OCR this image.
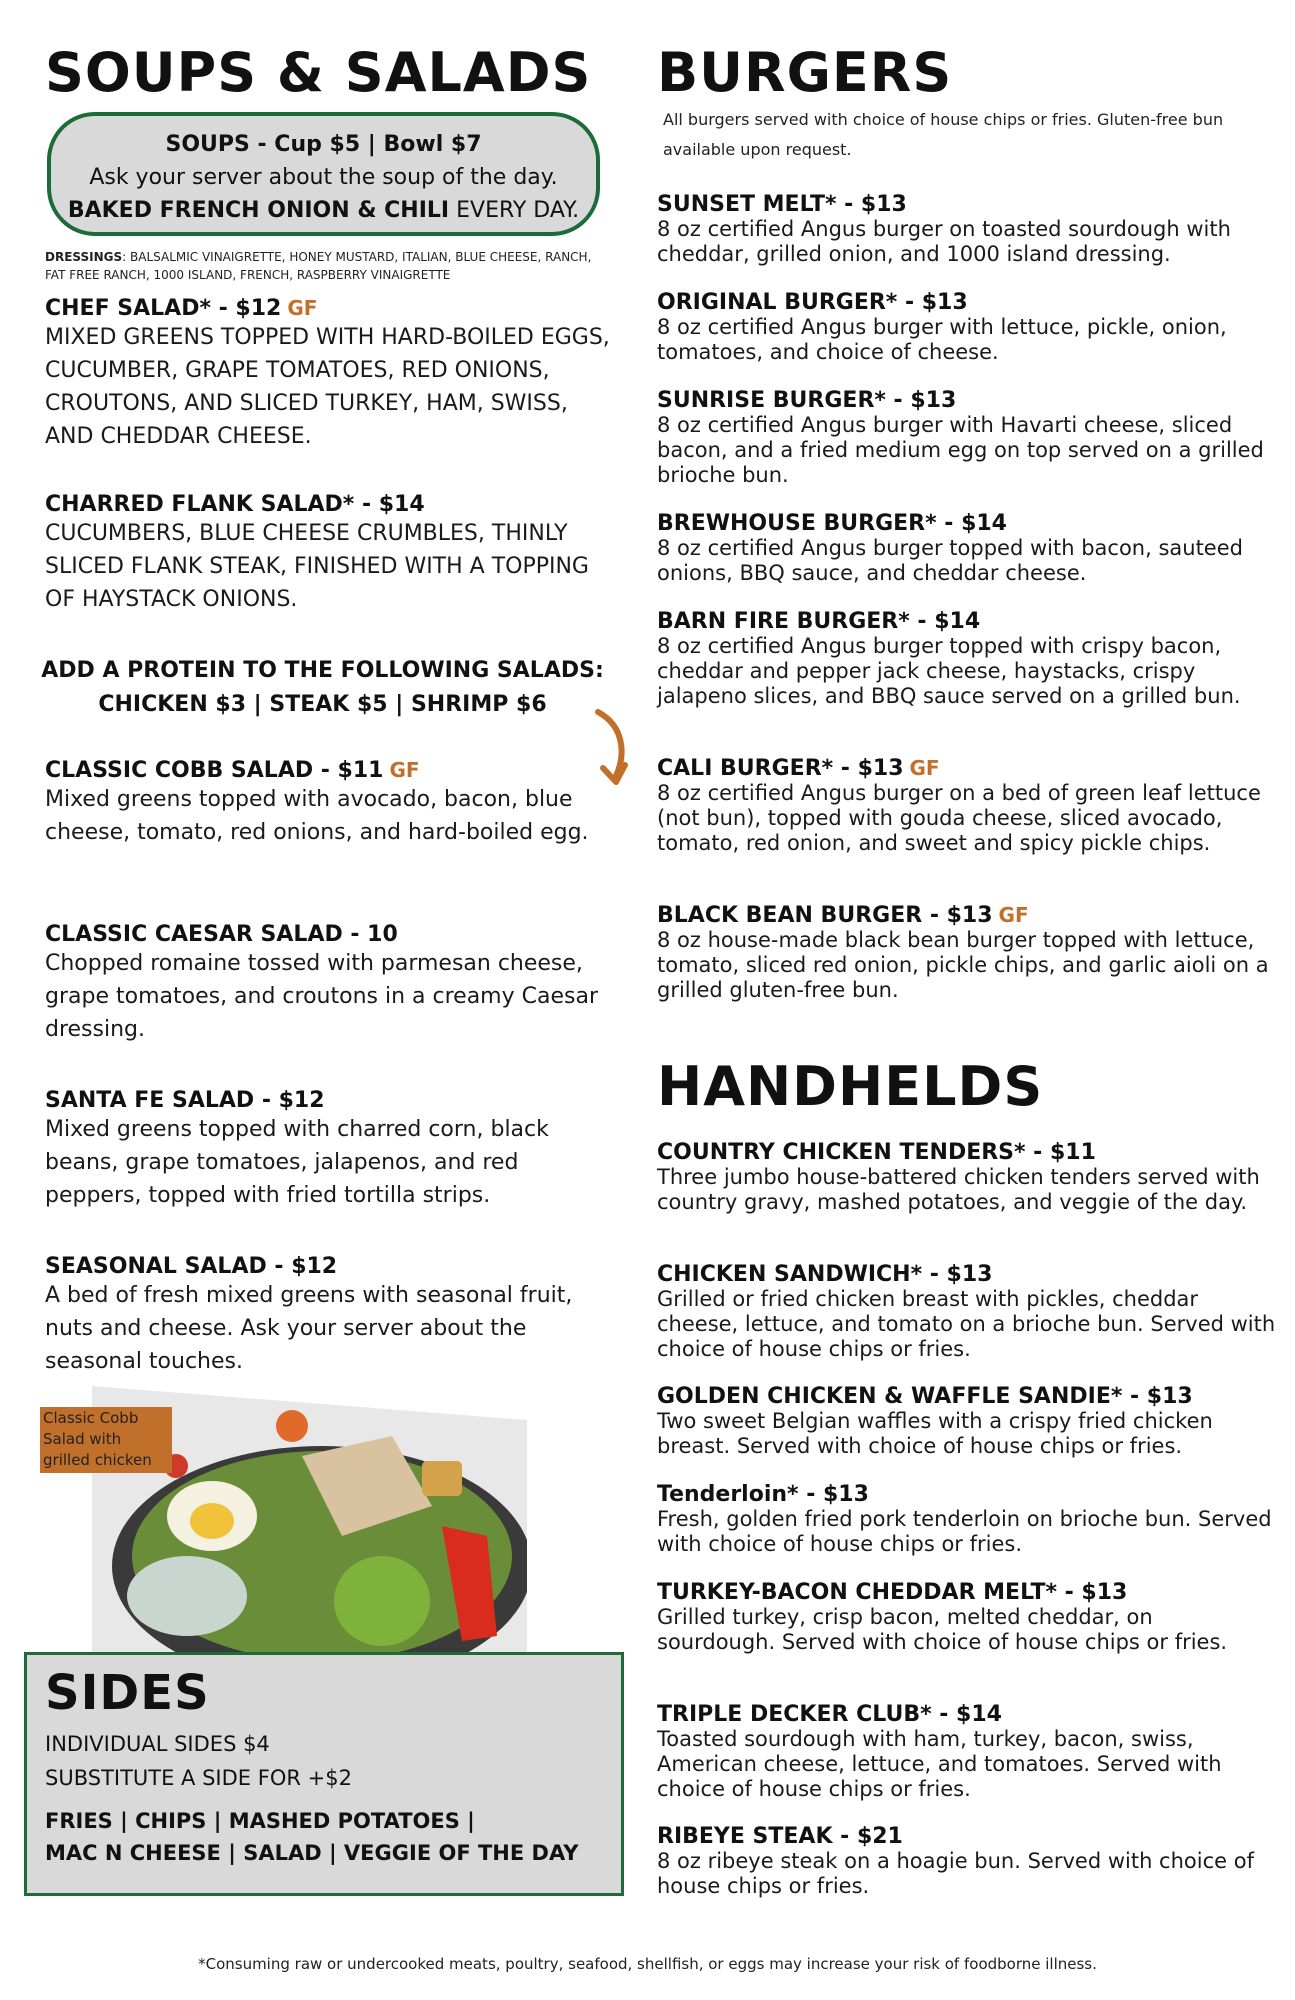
SOUPS & SALADS
SOUPS - Cup $5 | Bowl $7
Ask your server about the soup of the day.
BAKED FRENCH ONION & CHILI EVERY DAY.
DRESSINGS: BALSALMIC VINAIGRETTE, HONEY MUSTARD, ITALIAN, BLUE CHEESE, RANCH, FAT FREE RANCH, 1000 ISLAND, FRENCH, RASPBERRY VINAIGRETTE
CHEF SALAD* - $12 GF
MIXED GREENS TOPPED WITH HARD-BOILED EGGS, CUCUMBER, GRAPE TOMATOES, RED ONIONS, CROUTONS, AND SLICED TURKEY, HAM, SWISS, AND CHEDDAR CHEESE.
CHARRED FLANK SALAD* - $14
CUCUMBERS, BLUE CHEESE CRUMBLES, THINLY SLICED FLANK STEAK, FINISHED WITH A TOPPING OF HAYSTACK ONIONS.
ADD A PROTEIN TO THE FOLLOWING SALADS:
CHICKEN $3 | STEAK $5 | SHRIMP $6
CLASSIC COBB SALAD - $11 GF
Mixed greens topped with avocado, bacon, blue cheese, tomato, red onions, and hard-boiled egg.
CLASSIC CAESAR SALAD - 10
Chopped romaine tossed with parmesan cheese, grape tomatoes, and croutons in a creamy Caesar dressing.
SANTA FE SALAD - $12
Mixed greens topped with charred corn, black beans, grape tomatoes, jalapenos, and red peppers, topped with fried tortilla strips.
SEASONAL SALAD - $12
A bed of fresh mixed greens with seasonal fruit, nuts and cheese. Ask your server about the seasonal touches.
Classic Cobb Salad with grilled chicken
SIDES
INDIVIDUAL SIDES $4
SUBSTITUTE A SIDE FOR +$2
FRIES | CHIPS | MASHED POTATOES |
MAC N CHEESE | SALAD | VEGGIE OF THE DAY
BURGERS
All burgers served with choice of house chips or fries. Gluten-free bun available upon request.
SUNSET MELT* - $13
8 oz certified Angus burger on toasted sourdough with cheddar, grilled onion, and 1000 island dressing.
ORIGINAL BURGER* - $13
8 oz certified Angus burger with lettuce, pickle, onion, tomatoes, and choice of cheese.
SUNRISE BURGER* - $13
8 oz certified Angus burger with Havarti cheese, sliced bacon, and a fried medium egg on top served on a grilled brioche bun.
BREWHOUSE BURGER* - $14
8 oz certified Angus burger topped with bacon, sauteed onions, BBQ sauce, and cheddar cheese.
BARN FIRE BURGER* - $14
8 oz certified Angus burger topped with crispy bacon, cheddar and pepper jack cheese, haystacks, crispy jalapeno slices, and BBQ sauce served on a grilled bun.
CALI BURGER* - $13 GF
8 oz certified Angus burger on a bed of green leaf lettuce (not bun), topped with gouda cheese, sliced avocado, tomato, red onion, and sweet and spicy pickle chips.
BLACK BEAN BURGER - $13 GF
8 oz house-made black bean burger topped with lettuce, tomato, sliced red onion, pickle chips, and garlic aioli on a grilled gluten-free bun.
HANDHELDS
COUNTRY CHICKEN TENDERS* - $11
Three jumbo house-battered chicken tenders served with country gravy, mashed potatoes, and veggie of the day.
CHICKEN SANDWICH* - $13
Grilled or fried chicken breast with pickles, cheddar cheese, lettuce, and tomato on a brioche bun. Served with choice of house chips or fries.
GOLDEN CHICKEN & WAFFLE SANDIE* - $13
Two sweet Belgian waffles with a crispy fried chicken breast. Served with choice of house chips or fries.
Tenderloin* - $13
Fresh, golden fried pork tenderloin on brioche bun. Served with choice of house chips or fries.
TURKEY-BACON CHEDDAR MELT* - $13
Grilled turkey, crisp bacon, melted cheddar, on sourdough. Served with choice of house chips or fries.
TRIPLE DECKER CLUB* - $14
Toasted sourdough with ham, turkey, bacon, swiss, American cheese, lettuce, and tomatoes. Served with choice of house chips or fries.
RIBEYE STEAK - $21
8 oz ribeye steak on a hoagie bun. Served with choice of house chips or fries.
*Consuming raw or undercooked meats, poultry, seafood, shellfish, or eggs may increase your risk of foodborne illness.
